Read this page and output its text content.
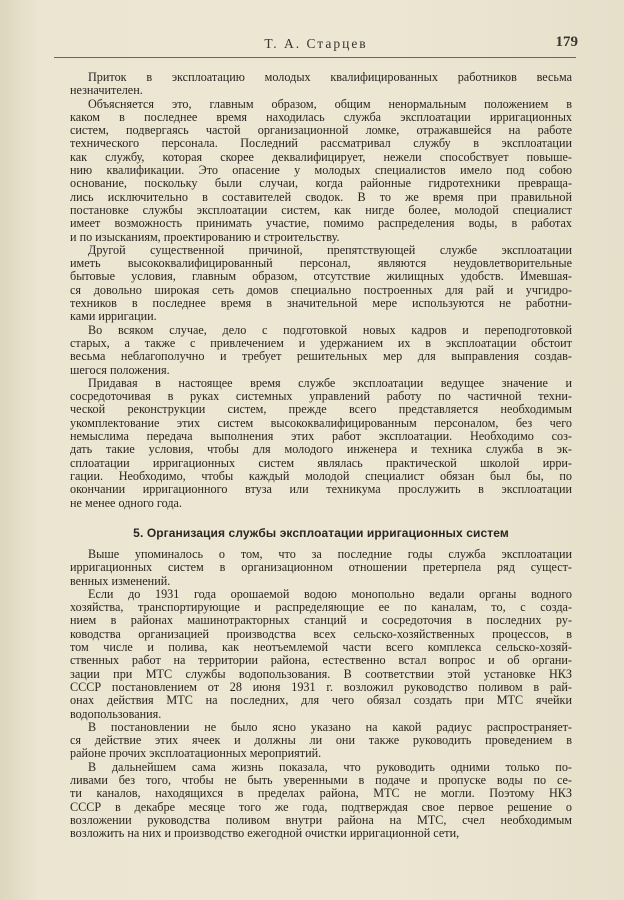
Т. А. Старцев	179
Приток в эксплоатацию молодых квалифицированных работников весьма
незначителен.
Объясняется это, главным образом, общим ненормальным положением в
каком в последнее время находилась служба эксплоатации ирригационных
систем, подвергаясь частой организационной ломке, отражавшейся на работе
технического персонала. Последний рассматривал службу в эксплоатации
как службу, которая скорее деквалифицирует, нежели способствует повыше-
нию квалификации. Это опасение у молодых специалистов имело под собою
основание, поскольку были случаи, когда районные гидротехники превраща-
лись исключительно в составителей сводок. В то же время при правильной
постановке службы эксплоатации систем, как нигде более, молодой специалист
имеет возможность принимать участие, помимо распределения воды, в работах
и по изысканиям, проектированию и строительству.
Другой существенной причиной, препятствующей службе эксплоатации
иметь высококвалифицированный персонал, являются неудовлетворительные
бытовые условия, главным образом, отсутствие жилищных удобств. Имевшая-
ся довольно широкая сеть домов специально построенных для рай и учгидро-
техников в последнее время в значительной мере используются не работни-
ками ирригации.
Во всяком случае, дело с подготовкой новых кадров и переподготовкой
старых, а также с привлечением и удержанием их в эксплоатации обстоит
весьма неблагополучно и требует решительных мер для выправления создав-
шегося положения.
Придавая в настоящее время службе эксплоатации ведущее значение и
сосредоточивая в руках системных управлений работу по частичной техни-
ческой реконструкции систем, прежде всего представляется необходимым
укомплектование этих систем высококвалифицированным персоналом, без чего
немыслима передача выполнения этих работ эксплоатации. Необходимо соз-
дать такие условия, чтобы для молодого инженера и техника служба в эк-
сплоатации ирригационных систем являлась практической школой ирри-
гации. Необходимо, чтобы каждый молодой специалист обязан был бы, по
окончании ирригационного втуза или техникума прослужить в эксплоатации
не менее одного года.
5. Организация службы эксплоатации ирригационных систем
Выше упоминалось о том, что за последние годы служба эксплоатации
ирригационных систем в организационном отношении претерпела ряд сущест-
венных изменений.
Если до 1931 года орошаемой водою монопольно ведали органы водного
хозяйства, транспортирующие и распределяющие ее по каналам, то, с созда-
нием в районах машинотракторных станций и сосредоточия в последних ру-
ководства организацией производства всех сельско-хозяйственных процессов, в
том числе и полива, как неотъемлемой части всего комплекса сельско-хозяй-
ственных работ на территории района, естественно встал вопрос и об органи-
зации при МТС службы водопользования. В соответствии этой установке НКЗ
СССР постановлением от 28 июня 1931 г. возложил руководство поливом в рай-
онах действия МТС на последних, для чего обязал создать при МТС ячейки
водопользования.
В постановлении не было ясно указано на какой радиус распространяет-
ся действие этих ячеек и должны ли они также руководить проведением в
районе прочих эксплоатационных мероприятий.
В дальнейшем сама жизнь показала, что руководить одними только по-
ливами без того, чтобы не быть уверенными в подаче и пропуске воды по се-
ти каналов, находящихся в пределах района, МТС не могли. Поэтому НКЗ
СССР в декабре месяце того же года, подтверждая свое первое решение о
возложении руководства поливом внутри района на МТС, счел необходимым
возложить на них и производство ежегодной очистки ирригационной сети,
